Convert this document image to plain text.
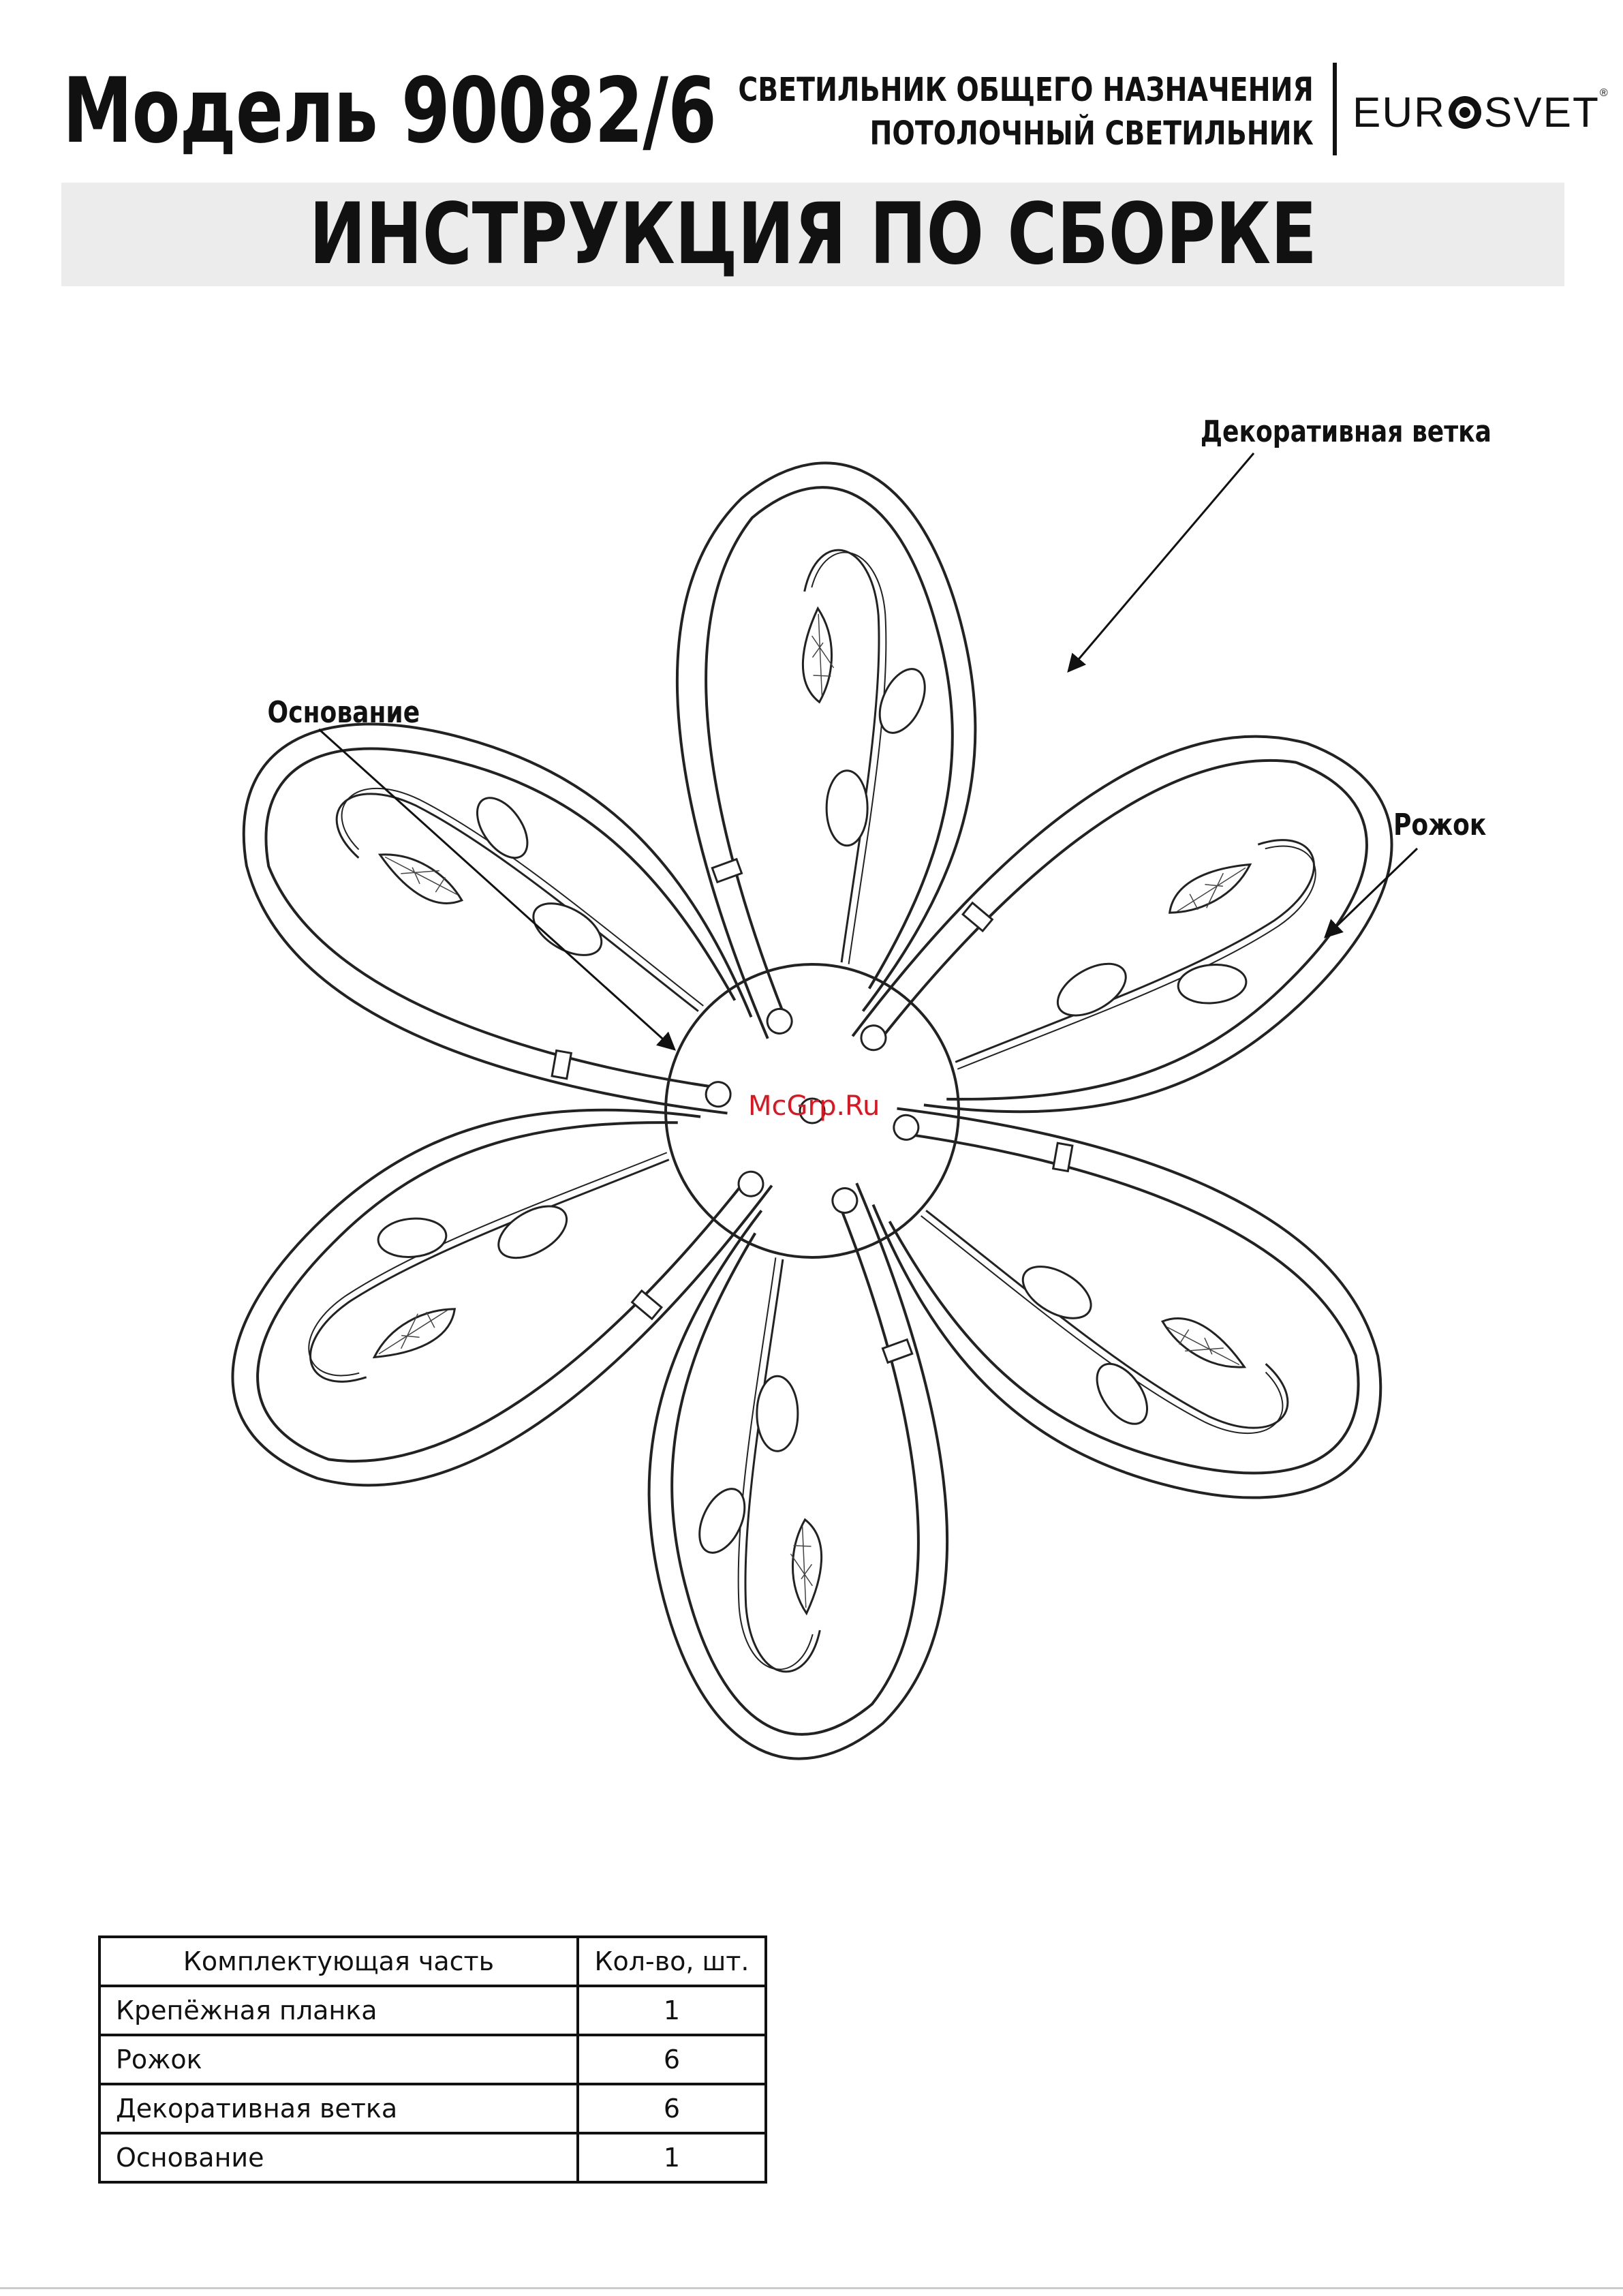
Модель 90082/6 СВЕТИЛЬНИК ОБЩЕГО НАЗНАЧЕНИЯ
ПОТОЛОЧНЫЙ СВЕТИЛЬНИК EUR SVET ®
ИНСТРУКЦИЯ ПО СБОРКЕ
Декоративная ветка
Основание
Рожок
McGrp.Ru
Комплектующая часть	Кол-во, шт.
Крепёжная планка	1
Рожок	6
Декоративная ветка	6
Основание	1
